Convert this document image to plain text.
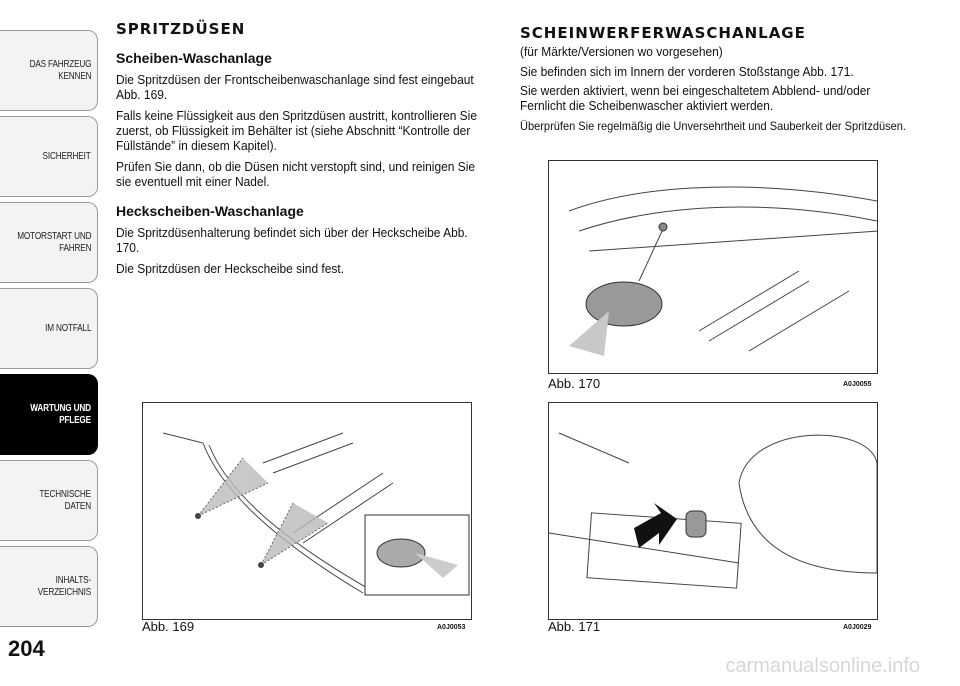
DAS FAHRZEUG
KENNEN
SICHERHEIT
MOTORSTART UND
FAHREN
IM NOTFALL
WARTUNG UND
PFLEGE
TECHNISCHE DATEN
INHALTS-
VERZEICHNIS
204
SPRITZDÜSEN
Scheiben-Waschanlage
Die Spritzdüsen der Frontscheibenwaschanlage sind fest eingebaut Abb. 169.
Falls keine Flüssigkeit aus den Spritzdüsen austritt, kontrollieren Sie zuerst, ob Flüssigkeit im Behälter ist (siehe Abschnitt “Kontrolle der Füllstände” in diesem Kapitel).
Prüfen Sie dann, ob die Düsen nicht verstopft sind, und reinigen Sie sie eventuell mit einer Nadel.
Heckscheiben-Waschanlage
Die Spritzdüsenhalterung befindet sich über der Heckscheibe Abb. 170.
Die Spritzdüsen der Heckscheibe sind fest.
SCHEINWERFERWASCHANLAGE
(für Märkte/Versionen wo vorgesehen)
Sie befinden sich im Innern der vorderen Stoßstange Abb. 171.
Sie werden aktiviert, wenn bei eingeschaltetem Abblend- und/oder Fernlicht die Scheibenwascher aktiviert werden.
Überprüfen Sie regelmäßig die Unversehrtheit und Sauberkeit der Spritzdüsen.
Abb. 169	A0J0053
Abb. 170	A0J0055
Abb. 171	A0J0029
carmanualsonline.info
